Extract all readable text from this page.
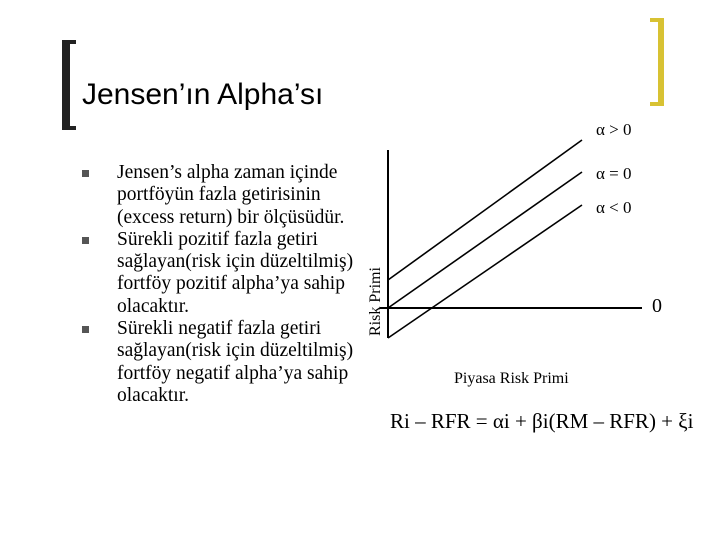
Jensen’ın Alpha’sı
Jensen’s alpha zaman içinde portföyün fazla getirisinin (excess return) bir ölçüsüdür.
Sürekli pozitif fazla getiri sağlayan(risk için düzeltilmiş) fortföy pozitif alpha’ya sahip olacaktır.
Sürekli negatif fazla getiri sağlayan(risk için düzeltilmiş) fortföy negatif alpha’ya sahip olacaktır.
α > 0
α = 0
α < 0
0
Risk Primi
Piyasa Risk Primi
Ri – RFR = αi + βi(RM – RFR) + ξi
